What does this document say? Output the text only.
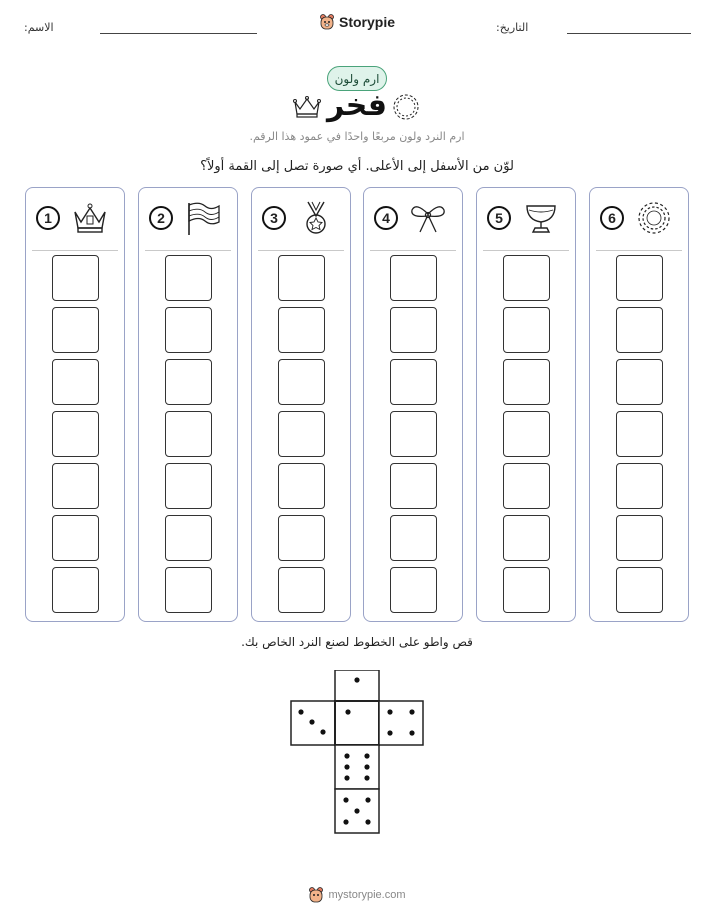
الاسم:	Storypie	التاريخ:
ارم ولون
فخر
ارم النرد ولون مربعًا واحدًا في عمود هذا الرقم.
لوّن من الأسفل إلى الأعلى. أي صورة تصل إلى القمة أولاً؟
1	2	3	4	5	6
قص واطو على الخطوط لصنع النرد الخاص بك.
mystorypie.com
